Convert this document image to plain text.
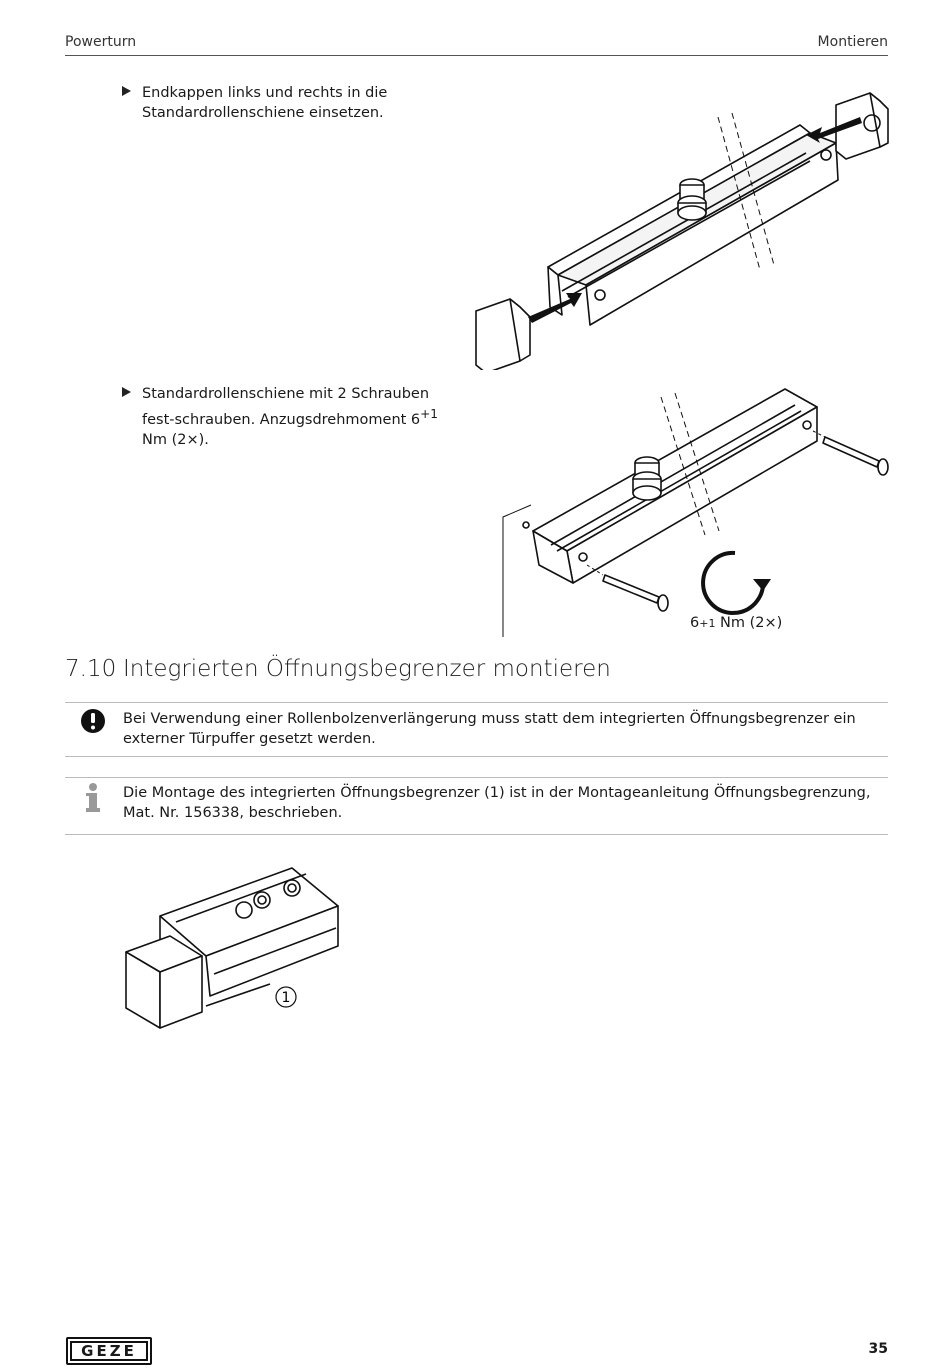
Powerturn	Montieren
Endkappen links und rechts in die Standardrollenschiene einsetzen.
Standardrollenschiene mit 2 Schrauben fest-schrauben. Anzugsdrehmoment $6^{+1}$ Nm (2×).
6+1 Nm (2×)
7.10 Integrierten Öffnungsbegrenzer montieren
Bei Verwendung einer Rollenbolzenverlängerung muss statt dem integrierten Öffnungsbegrenzer ein externer Türpuffer gesetzt werden.
Die Montage des integrierten Öffnungsbegrenzer (1) ist in der Montageanleitung Öffnungsbegrenzung, Mat. Nr. 156338, beschrieben.
1
GEZE	35
